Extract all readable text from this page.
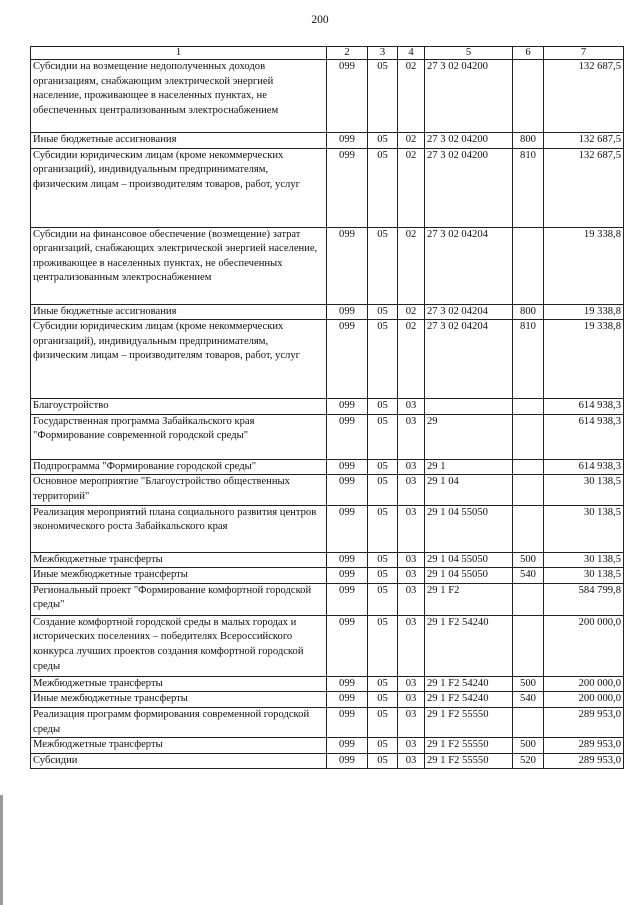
200
1	2	3	4	5	6	7
Субсидии на возмещение недополученных доходов организациям, снабжающим электрической энергией население, проживающее в населенных пунктах, не обеспеченных централизованным электроснабжением	099	05	02	27 3 02 04200		132 687,5
Иные бюджетные ассигнования	099	05	02	27 3 02 04200	800	132 687,5
Субсидии юридическим лицам (кроме некоммерческих организаций), индивидуальным предпринимателям, физическим лицам – производителям товаров, работ, услуг	099	05	02	27 3 02 04200	810	132 687,5
Субсидии на финансовое обеспечение (возмещение) затрат организаций, снабжающих электрической энергией население, проживающее в населенных пунктах, не обеспеченных централизованным электроснабжением	099	05	02	27 3 02 04204		19 338,8
Иные бюджетные ассигнования	099	05	02	27 3 02 04204	800	19 338,8
Субсидии юридическим лицам (кроме некоммерческих организаций), индивидуальным предпринимателям, физическим лицам – производителям товаров, работ, услуг	099	05	02	27 3 02 04204	810	19 338,8
Благоустройство	099	05	03			614 938,3
Государственная программа Забайкальского края "Формирование современной городской среды"	099	05	03	29		614 938,3
Подпрограмма "Формирование городской среды"	099	05	03	29 1		614 938,3
Основное мероприятие "Благоустройство общественных территорий"	099	05	03	29 1 04		30 138,5
Реализация мероприятий плана социального развития центров экономического роста Забайкальского края	099	05	03	29 1 04 55050		30 138,5
Межбюджетные трансферты	099	05	03	29 1 04 55050	500	30 138,5
Иные межбюджетные трансферты	099	05	03	29 1 04 55050	540	30 138,5
Региональный проект "Формирование комфортной городской среды"	099	05	03	29 1 F2		584 799,8
Создание комфортной городской среды в малых городах и исторических поселениях – победителях Всероссийского конкурса лучших проектов создания комфортной городской среды	099	05	03	29 1 F2 54240		200 000,0
Межбюджетные трансферты	099	05	03	29 1 F2 54240	500	200 000,0
Иные межбюджетные трансферты	099	05	03	29 1 F2 54240	540	200 000,0
Реализация программ формирования современной городской среды	099	05	03	29 1 F2 55550		289 953,0
Межбюджетные трансферты	099	05	03	29 1 F2 55550	500	289 953,0
Субсидии	099	05	03	29 1 F2 55550	520	289 953,0
